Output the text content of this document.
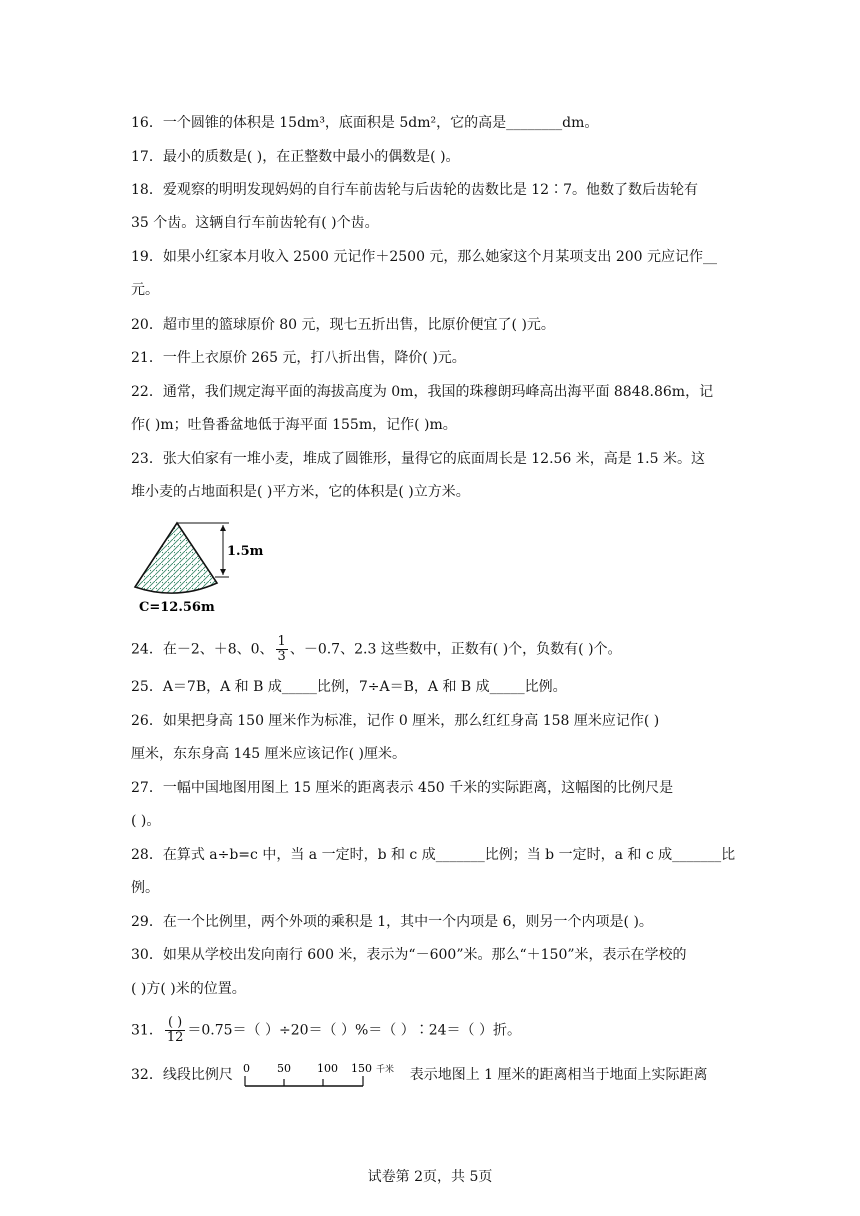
16．一个圆锥的体积是 15dm³，底面积是 5dm²，它的高是________dm。
17．最小的质数是( )，在正整数中最小的偶数是( )。
18．爱观察的明明发现妈妈的自行车前齿轮与后齿轮的齿数比是 12∶7。他数了数后齿轮有
35 个齿。这辆自行车前齿轮有( )个齿。
19．如果小红家本月收入 2500 元记作＋2500 元，那么她家这个月某项支出 200 元应记作__
元。
20．超市里的篮球原价 80 元，现七五折出售，比原价便宜了( )元。
21．一件上衣原价 265 元，打八折出售，降价( )元。
22．通常，我们规定海平面的海拔高度为 0m，我国的珠穆朗玛峰高出海平面 8848.86m，记
作( )m；吐鲁番盆地低于海平面 155m，记作( )m。
23．张大伯家有一堆小麦，堆成了圆锥形，量得它的底面周长是 12.56 米，高是 1.5 米。这
堆小麦的占地面积是( )平方米，它的体积是( )立方米。
1.5m
C=12.56m
24．在－2、＋8、0、 $\frac{1}{3}$ 、－0.7、2.3 这些数中，正数有( )个，负数有( )个。
25．A＝7B，A 和 B 成_____比例，7÷A＝B，A 和 B 成_____比例。
26．如果把身高 150 厘米作为标准，记作 0 厘米，那么红红身高 158 厘米应记作( )
厘米，东东身高 145 厘米应该记作( )厘米。
27．一幅中国地图用图上 15 厘米的距离表示 450 千米的实际距离，这幅图的比例尺是
( )。
28．在算式 a÷b=c 中，当 a 一定时，b 和 c 成_______比例；当 b 一定时，a 和 c 成_______比
例。
29．在一个比例里，两个外项的乘积是 1，其中一个内项是 6，则另一个内项是( )。
30．如果从学校出发向南行 600 米，表示为“－600”米。那么“＋150”米，表示在学校的
( )方( )米的位置。
31． $\frac{( )}{12} =0.75=$（ ）÷20＝（ ）%＝（ ）∶24＝（ ）折。
32．线段比例尺 0 50 100 150 千米 表示地图上 1 厘米的距离相当于地面上实际距离
试卷第 2页，共 5页
